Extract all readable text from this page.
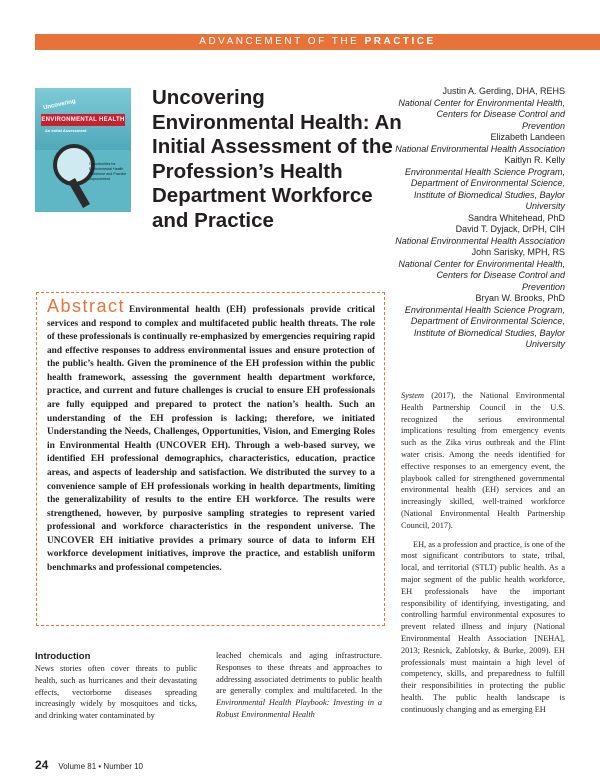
ADVANCEMENT OF THE PRACTICE
Uncovering
ENVIRONMENTAL HEALTH
An Initial Assessment
Opportunities for Environmental Health Workforce and Practice Improvement
Uncovering Environmental Health: An Initial Assessment of the Profession’s Health Department Workforce and Practice

Justin A. Gerding, DHA, REHS
National Center for Environmental Health, Centers for Disease Control and Prevention

Elizabeth Landeen
National Environmental Health Association

Kaitlyn R. Kelly
Environmental Health Science Program, Department of Environmental Science, Institute of Biomedical Studies, Baylor University

Sandra Whitehead, PhD

David T. Dyjack, DrPH, CIH
National Environmental Health Association

John Sarisky, MPH, RS
National Center for Environmental Health, Centers for Disease Control and Prevention

Bryan W. Brooks, PhD
Environmental Health Science Program, Department of Environmental Science, Institute of Biomedical Studies, Baylor University

Abstract Environmental health (EH) professionals provide critical services and respond to complex and multifaceted public health threats. The role of these professionals is continually re-emphasized by emergencies requiring rapid and effective responses to address environmental issues and ensure protection of the public’s health. Given the prominence of the EH profession within the public health framework, assessing the government health department workforce, practice, and current and future challenges is crucial to ensure EH professionals are fully equipped and prepared to protect the nation’s health. Such an understanding of the EH profession is lacking; therefore, we initiated Understanding the Needs, Challenges, Opportunities, Vision, and Emerging Roles in Environmental Health (UNCOVER EH). Through a web-based survey, we identified EH professional demographics, characteristics, education, practice areas, and aspects of leadership and satisfaction. We distributed the survey to a convenience sample of EH professionals working in health departments, limiting the generalizability of results to the entire EH workforce. The results were strengthened, however, by purposive sampling strategies to represent varied professional and workforce characteristics in the respondent universe. The UNCOVER EH initiative provides a primary source of data to inform EH workforce development initiatives, improve the practice, and establish uniform benchmarks and professional competencies.

Introduction

News stories often cover threats to public health, such as hurricanes and their devastating effects, vectorborne diseases spreading increasingly widely by mosquitoes and ticks, and drinking water contaminated by

leached chemicals and aging infrastructure. Responses to these threats and approaches to addressing associated detriments to public health are generally complex and multifaceted. In the Environmental Health Playbook: Investing in a Robust Environmental Health

System (2017), the National Environmental Health Partnership Council in the U.S. recognized the serious environmental implications resulting from emergency events such as the Zika virus outbreak and the Flint water crisis. Among the needs identified for effective responses to an emergency event, the playbook called for strengthened governmental environmental health (EH) services and an increasingly skilled, well-trained workforce (National Environmental Health Partnership Council, 2017).

EH, as a profession and practice, is one of the most significant contributors to state, tribal, local, and territorial (STLT) public health. As a major segment of the public health workforce, EH professionals have the important responsibility of identifying, investigating, and controlling harmful environmental exposures to prevent related illness and injury (National Environmental Health Association [NEHA], 2013; Resnick, Zablotsky, & Burke, 2009). EH professionals must maintain a high level of competency, skills, and preparedness to fulfill their responsibilities in protecting the public health. The public health landscape is continuously changing and as emerging EH

24 Volume 81 • Number 10
